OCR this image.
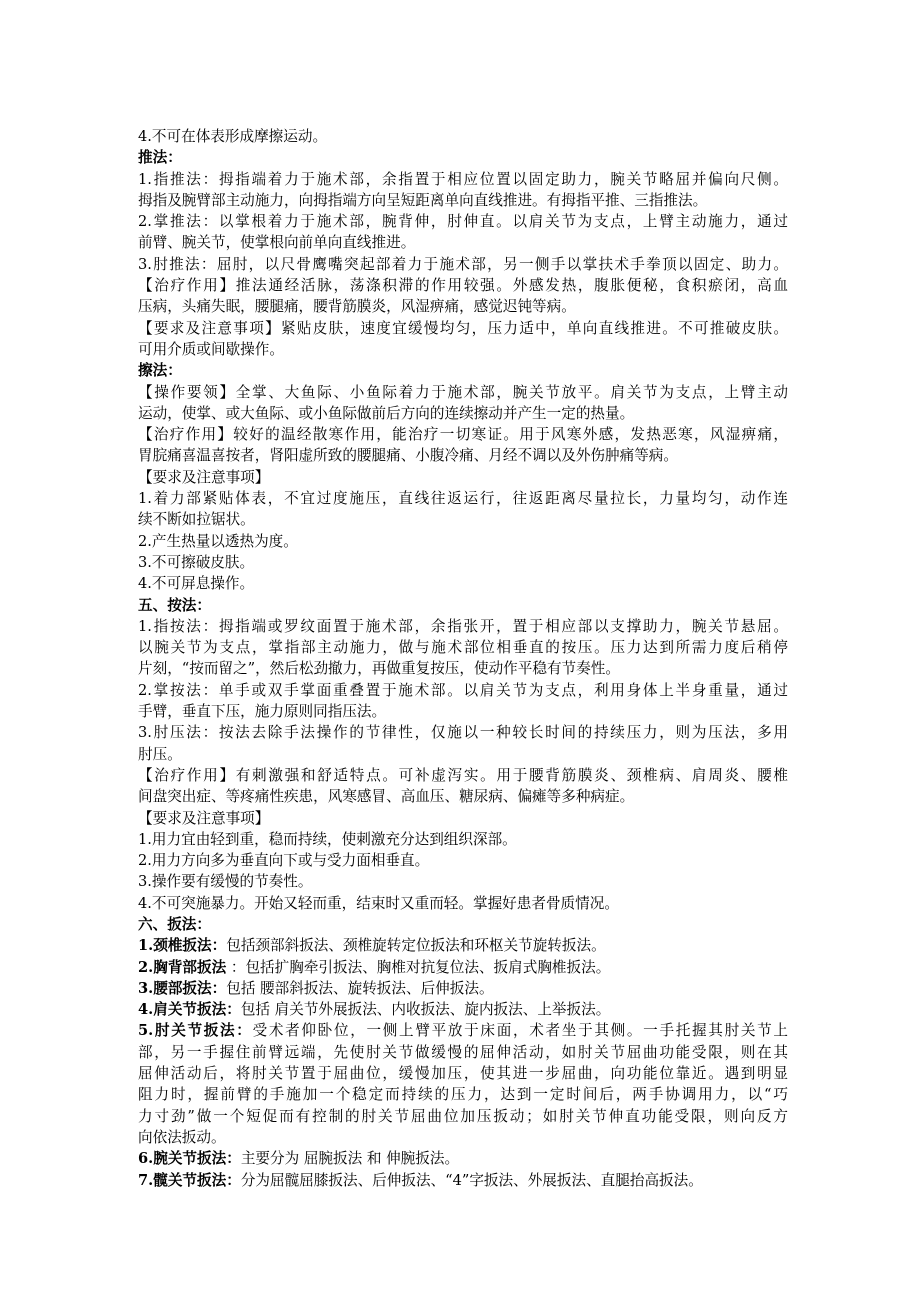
4.不可在体表形成摩擦运动。
推法：
1.指推法：拇指端着力于施术部，余指置于相应位置以固定助力，腕关节略屈并偏向尺侧。
拇指及腕臂部主动施力，向拇指端方向呈短距离单向直线推进。有拇指平推、三指推法。
2.掌推法：以掌根着力于施术部，腕背伸，肘伸直。以肩关节为支点，上臂主动施力，通过
前臂、腕关节，使掌根向前单向直线推进。
3.肘推法：屈肘，以尺骨鹰嘴突起部着力于施术部，另一侧手以掌扶术手拳顶以固定、助力。
【治疗作用】推法通经活脉，荡涤积滞的作用较强。外感发热，腹胀便秘，食积瘀闭，高血
压病，头痛失眠，腰腿痛，腰背筋膜炎，风湿痹痛，感觉迟钝等病。
【要求及注意事项】紧贴皮肤，速度宜缓慢均匀，压力适中，单向直线推进。不可推破皮肤。
可用介质或间歇操作。
擦法：
【操作要领】全掌、大鱼际、小鱼际着力于施术部，腕关节放平。肩关节为支点，上臂主动
运动，使掌、或大鱼际、或小鱼际做前后方向的连续擦动并产生一定的热量。
【治疗作用】较好的温经散寒作用，能治疗一切寒证。用于风寒外感，发热恶寒，风湿痹痛，
胃脘痛喜温喜按者，肾阳虚所致的腰腿痛、小腹冷痛、月经不调以及外伤肿痛等病。
【要求及注意事项】
1.着力部紧贴体表，不宜过度施压，直线往返运行，往返距离尽量拉长，力量均匀，动作连
续不断如拉锯状。
2.产生热量以透热为度。
3.不可擦破皮肤。
4.不可屏息操作。
五、按法：
1.指按法：拇指端或罗纹面置于施术部，余指张开，置于相应部以支撑助力，腕关节悬屈。
以腕关节为支点，掌指部主动施力，做与施术部位相垂直的按压。压力达到所需力度后稍停
片刻，“按而留之”，然后松劲撤力，再做重复按压，使动作平稳有节奏性。
2.掌按法：单手或双手掌面重叠置于施术部。以肩关节为支点，利用身体上半身重量，通过
手臂，垂直下压，施力原则同指压法。
3.肘压法：按法去除手法操作的节律性，仅施以一种较长时间的持续压力，则为压法，多用
肘压。
【治疗作用】有刺激强和舒适特点。可补虚泻实。用于腰背筋膜炎、颈椎病、肩周炎、腰椎
间盘突出症、等疼痛性疾患，风寒感冒、高血压、糖尿病、偏瘫等多种病症。
【要求及注意事项】
1.用力宜由轻到重，稳而持续，使刺激充分达到组织深部。
2.用力方向多为垂直向下或与受力面相垂直。
3.操作要有缓慢的节奏性。
4.不可突施暴力。开始又轻而重，结束时又重而轻。掌握好患者骨质情况。
六、扳法：
1.颈椎扳法：包括颈部斜扳法、颈椎旋转定位扳法和环枢关节旋转扳法。
2.胸背部扳法 ：包括扩胸牵引扳法、胸椎对抗复位法、扳肩式胸椎扳法。
3.腰部扳法：包括 腰部斜扳法、旋转扳法、后伸扳法。
4.肩关节扳法：包括 肩关节外展扳法、内收扳法、旋内扳法、上举扳法。
5.肘关节扳法：受术者仰卧位，一侧上臂平放于床面，术者坐于其侧。一手托握其肘关节上
部，另一手握住前臂远端，先使肘关节做缓慢的屈伸活动，如肘关节屈曲功能受限，则在其
屈伸活动后，将肘关节置于屈曲位，缓慢加压，使其进一步屈曲，向功能位靠近。遇到明显
阻力时，握前臂的手施加一个稳定而持续的压力，达到一定时间后，两手协调用力，以“巧
力寸劲”做一个短促而有控制的肘关节屈曲位加压扳动；如肘关节伸直功能受限，则向反方
向依法扳动。
6.腕关节扳法：主要分为 屈腕扳法 和 伸腕扳法。
7.髋关节扳法：分为屈髋屈膝扳法、后伸扳法、“4”字扳法、外展扳法、直腿抬高扳法。
